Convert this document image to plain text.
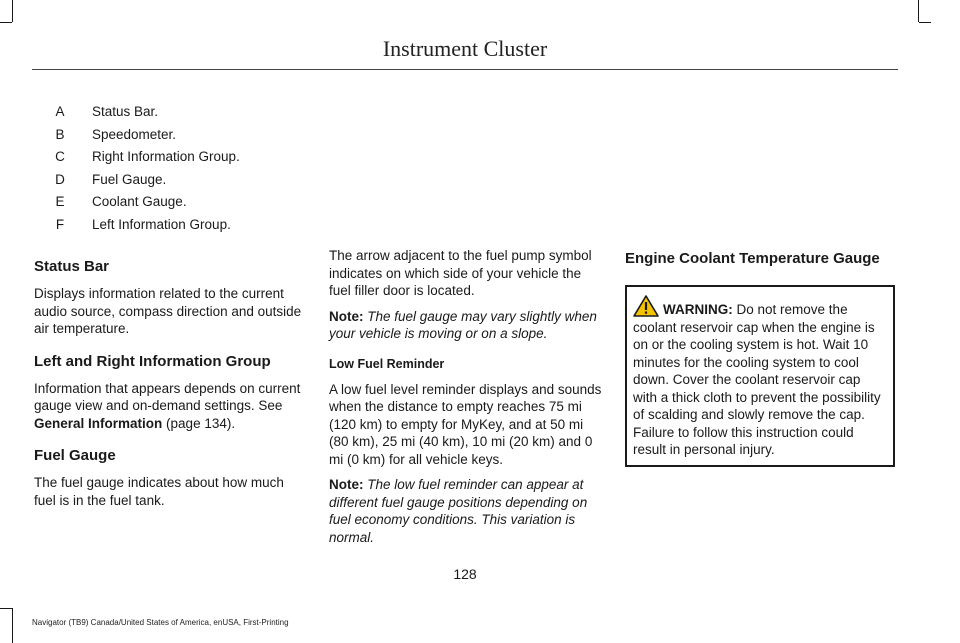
Instrument Cluster
A	Status Bar.
B	Speedometer.
C	Right Information Group.
D	Fuel Gauge.
E	Coolant Gauge.
F	Left Information Group.
Status Bar

Displays information related to the current audio source, compass direction and outside air temperature.

Left and Right Information Group

Information that appears depends on current gauge view and on-demand settings. See
General Information (page 134).

Fuel Gauge

The fuel gauge indicates about how much fuel is in the fuel tank.

The arrow adjacent to the fuel pump symbol indicates on which side of your vehicle the fuel filler door is located.

Note: The fuel gauge may vary slightly when your vehicle is moving or on a slope.

Low Fuel Reminder

A low fuel level reminder displays and sounds when the distance to empty reaches 75 mi (120 km) to empty for MyKey, and at 50 mi (80 km), 25 mi (40 km), 10 mi (20 km) and 0 mi (0 km) for all vehicle keys.

Note: The low fuel reminder can appear at different fuel gauge positions depending on fuel economy conditions. This variation is normal.

Engine Coolant Temperature Gauge
WARNING: Do not remove the coolant reservoir cap when the engine is on or the cooling system is hot. Wait 10 minutes for the cooling system to cool down. Cover the coolant reservoir cap with a thick cloth to prevent the possibility of scalding and slowly remove the cap. Failure to follow this instruction could result in personal injury.
128
Navigator (TB9) Canada/United States of America, enUSA, First-Printing
